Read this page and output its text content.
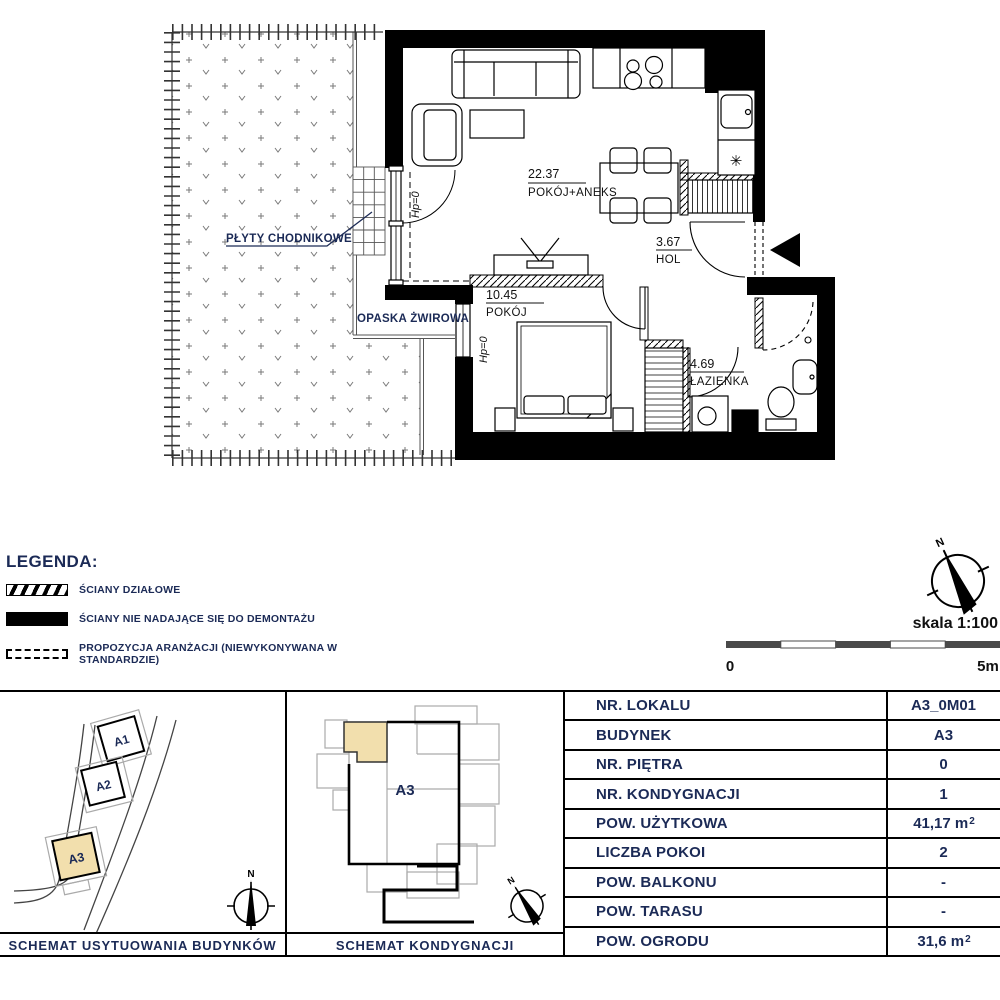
✳
22.37
POKÓJ+ANEKS
3.67
HOL
10.45
POKÓJ
4.69
ŁAZIENKA
PŁYTY CHODNIKOWE
OPASKA ŻWIROWA
Hp=0
Hp=0
LEGENDA:
ŚCIANY DZIAŁOWE
ŚCIANY NIE NADAJĄCE SIĘ DO DEMONTAŻU
PROPOZYCJA ARANŻACJI (NIEWYKONYWANA W STANDARDZIE)
N
skala 1:100
0	5m
A1
A2
A3
N
A3
N
SCHEMAT USYTUOWANIA BUDYNKÓW	SCHEMAT KONDYGNACJI
NR. LOKALU	A3_0M01
BUDYNEK	A3
NR. PIĘTRA	0
NR. KONDYGNACJI	1
POW. UŻYTKOWA	41,17 m 2
LICZBA POKOI	2
POW. BALKONU	-
POW. TARASU	-
POW. OGRODU	31,6 m 2
